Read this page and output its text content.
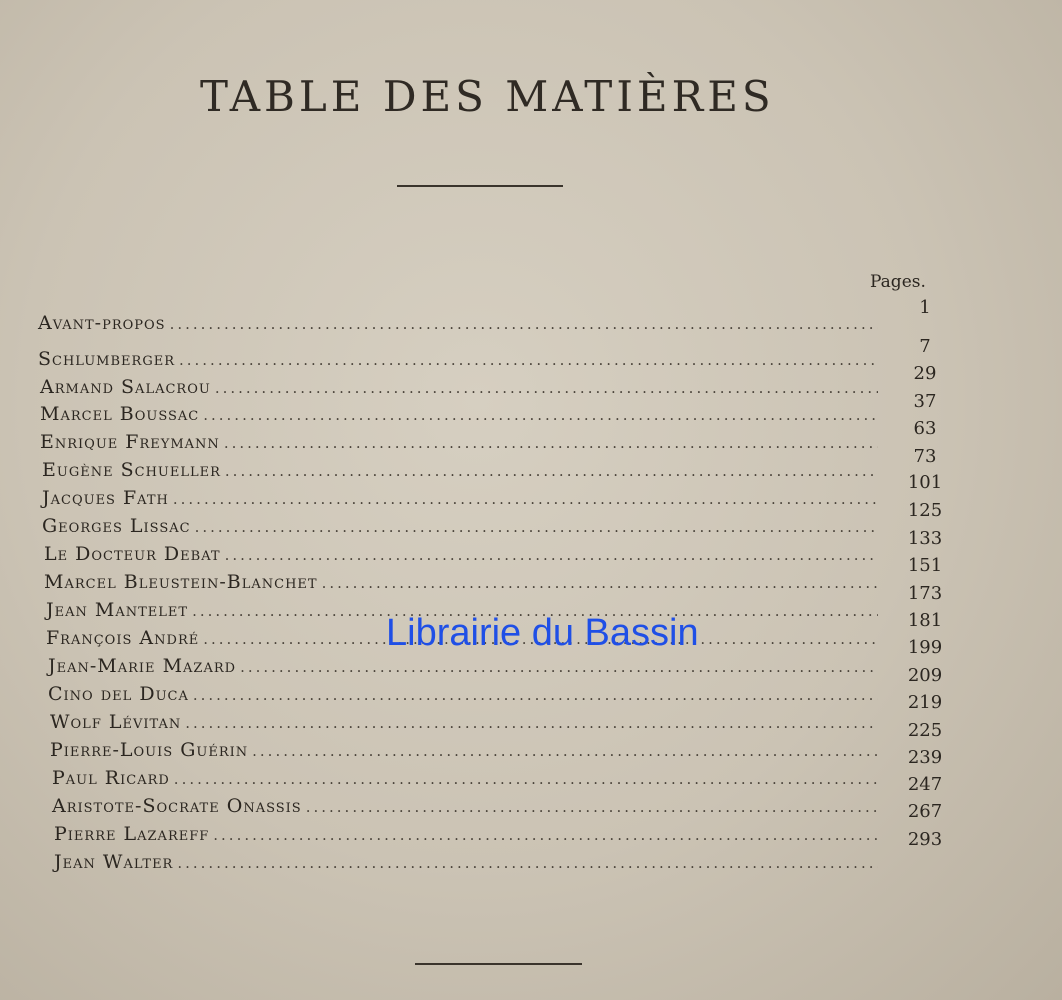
TABLE DES MATIÈRES
Pages.
Avant-propos
.....
Schlumberger
.....
Armand Salacrou
.....
Marcel Boussac
.....
Enrique Freymann
.....
Eugène Schueller
.....
Jacques Fath
.....
Georges Lissac
.....
Le Docteur Debat
.....
Marcel Bleustein-Blanchet
.....
Jean Mantelet
.....
François André
.....
Jean-Marie Mazard
.....
Cino del Duca
.....
Wolf Lévitan
.....
Pierre-Louis Guérin
.....
Paul Ricard
.....
Aristote-Socrate Onassis
.....
Pierre Lazareff
.....
Jean Walter
.....
1
7
29
37
63
73
101
125
133
151
173
181
199
209
219
225
239
247
267
293
Librairie du Bassin
